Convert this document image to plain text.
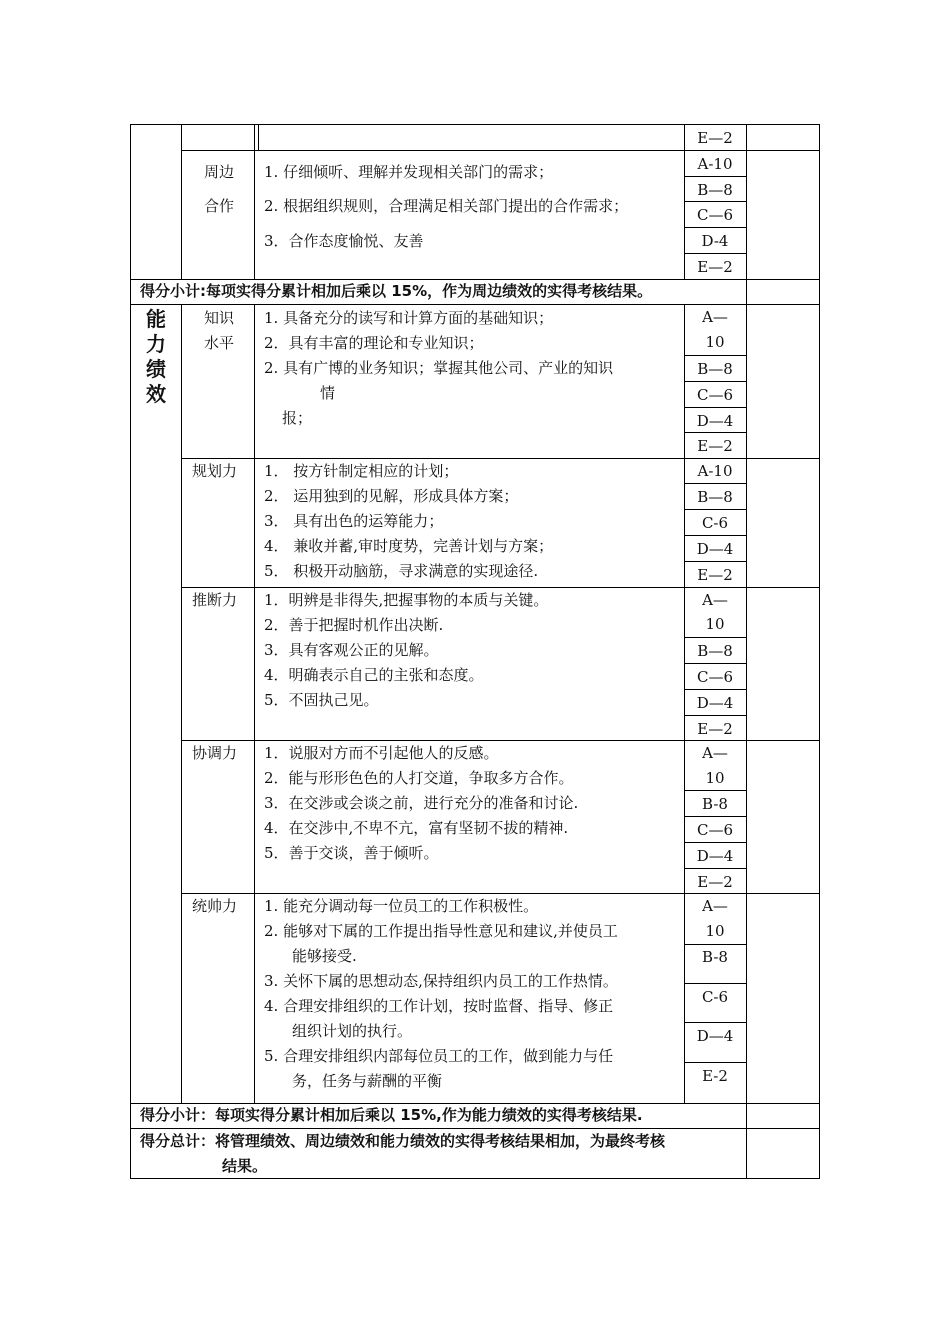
E—2
周边
合作
1. 仔细倾听、理解并发现相关部门的需求；
2. 根据组织规则，合理满足相关部门提出的合作需求；
3．合作态度愉悦、友善
A-10
B—8
C—6
D-4
E—2
得分小计:每项实得分累计相加后乘以 15%，作为周边绩效的实得考核结果。
能
力
绩
效
知识
水平
1. 具备充分的读写和计算方面的基础知识；
2．具有丰富的理论和专业知识；
2. 具有广博的业务知识；掌握其他公司、产业的知识
情
报；
A—
10
B—8
C—6
D—4
E—2
规划力 1． 按方针制定相应的计划；
2． 运用独到的见解，形成具体方案；
3． 具有出色的运筹能力；
4． 兼收并蓄,审时度势，完善计划与方案；
5． 积极开动脑筋，寻求满意的实现途径.
A-10
B—8
C-6
D—4
E—2
推断力 1．明辨是非得失,把握事物的本质与关键。
2．善于把握时机作出决断.
3．具有客观公正的见解。
4．明确表示自己的主张和态度。
5．不固执己见。
A—
10
B—8
C—6
D—4
E—2
协调力 1．说服对方而不引起他人的反感。
2．能与形形色色的人打交道，争取多方合作。
3．在交涉或会谈之前，进行充分的准备和讨论.
4．在交涉中,不卑不亢，富有坚韧不拔的精神.
5．善于交谈，善于倾听。
A—
10
B-8
C—6
D—4
E—2
统帅力 1. 能充分调动每一位员工的工作积极性。
2. 能够对下属的工作提出指导性意见和建议,并使员工
能够接受.
3. 关怀下属的思想动态,保持组织内员工的工作热情。
4. 合理安排组织的工作计划，按时监督、指导、修正
组织计划的执行。
5. 合理安排组织内部每位员工的工作，做到能力与任
务，任务与薪酬的平衡
A—
10
B-8
C-6
D—4
E-2
得分小计：每项实得分累计相加后乘以 15%,作为能力绩效的实得考核结果.
得分总计：将管理绩效、周边绩效和能力绩效的实得考核结果相加，为最终考核
结果。
